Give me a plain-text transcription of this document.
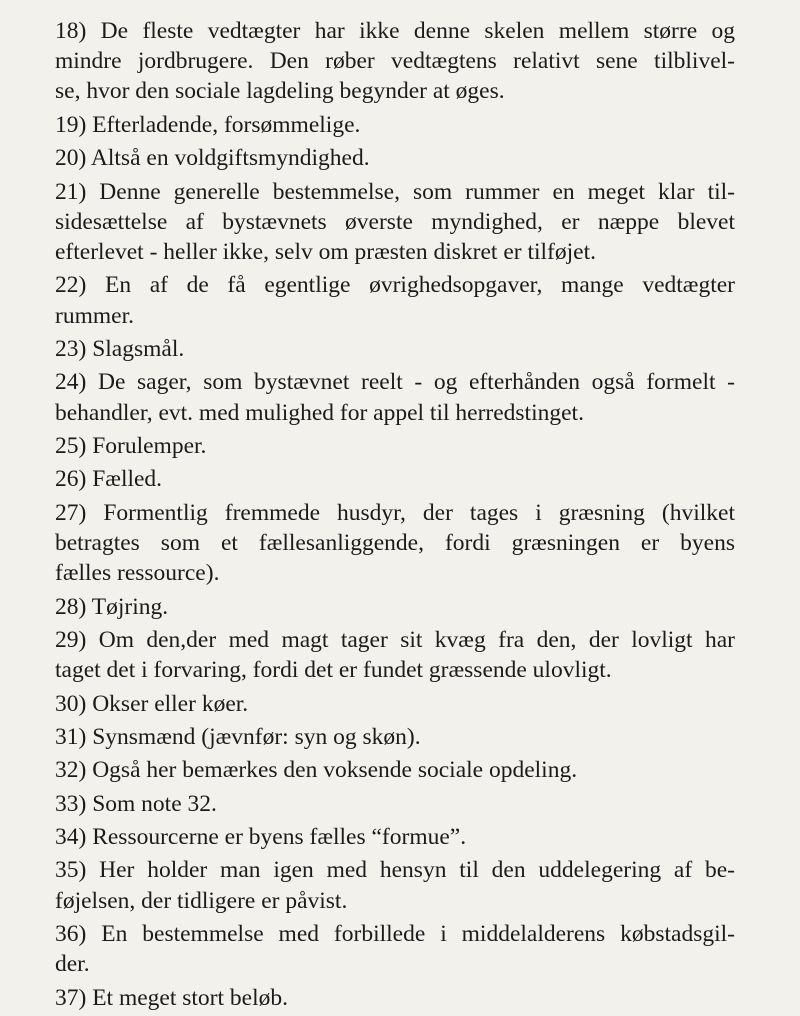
18) De fleste vedtægter har ikke denne skelen mellem større og
mindre jordbrugere. Den røber vedtægtens relativt sene tilblivel-
se, hvor den sociale lagdeling begynder at øges.
19) Efterladende, forsømmelige.
20) Altså en voldgiftsmyndighed.
21) Denne generelle bestemmelse, som rummer en meget klar til-
sidesættelse af bystævnets øverste myndighed, er næppe blevet
efterlevet - heller ikke, selv om præsten diskret er tilføjet.
22) En af de få egentlige øvrighedsopgaver, mange vedtægter
rummer.
23) Slagsmål.
24) De sager, som bystævnet reelt - og efterhånden også formelt -
behandler, evt. med mulighed for appel til herredstinget.
25) Forulemper.
26) Fælled.
27) Formentlig fremmede husdyr, der tages i græsning (hvilket
betragtes som et fællesanliggende, fordi græsningen er byens
fælles ressource).
28) Tøjring.
29) Om den,der med magt tager sit kvæg fra den, der lovligt har
taget det i forvaring, fordi det er fundet græssende ulovligt.
30) Okser eller køer.
31) Synsmænd (jævnfør: syn og skøn).
32) Også her bemærkes den voksende sociale opdeling.
33) Som note 32.
34) Ressourcerne er byens fælles “formue”.
35) Her holder man igen med hensyn til den uddelegering af be-
føjelsen, der tidligere er påvist.
36) En bestemmelse med forbillede i middelalderens købstadsgil-
der.
37) Et meget stort beløb.
